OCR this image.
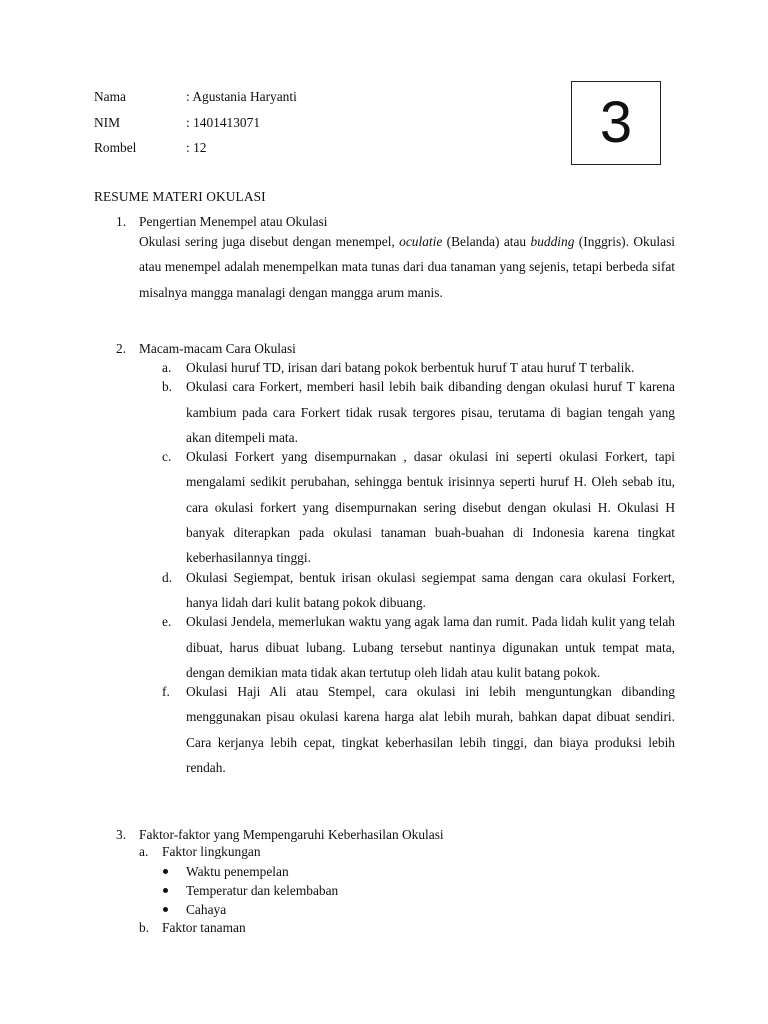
Nama	: Agustania Haryanti
NIM	: 1401413071
Rombel	: 12	3
RESUME MATERI OKULASI
1. Pengertian Menempel atau Okulasi
Okulasi sering juga disebut dengan menempel, oculatie (Belanda) atau budding (Inggris). Okulasi atau menempel adalah menempelkan mata tunas dari dua tanaman yang sejenis, tetapi berbeda sifat misalnya mangga manalagi dengan mangga arum manis.
2. Macam-macam Cara Okulasi
a.	Okulasi huruf TD, irisan dari batang pokok berbentuk huruf T atau huruf T terbalik.
b.	Okulasi cara Forkert, memberi hasil lebih baik dibanding dengan okulasi huruf T karena kambium pada cara Forkert tidak rusak tergores pisau, terutama di bagian tengah yang akan ditempeli mata.
c.	Okulasi Forkert yang disempurnakan , dasar okulasi ini seperti okulasi Forkert, tapi mengalami sedikit perubahan, sehingga bentuk irisinnya seperti huruf H. Oleh sebab itu, cara okulasi forkert yang disempurnakan sering disebut dengan okulasi H. Okulasi H banyak diterapkan pada okulasi tanaman buah-buahan di Indonesia karena tingkat keberhasilannya tinggi.
d.	Okulasi Segiempat, bentuk irisan okulasi segiempat sama dengan cara okulasi Forkert, hanya lidah dari kulit batang pokok dibuang.
e.	Okulasi Jendela, memerlukan waktu yang agak lama dan rumit. Pada lidah kulit yang telah dibuat, harus dibuat lubang. Lubang tersebut nantinya digunakan untuk tempat mata, dengan demikian mata tidak akan tertutup oleh lidah atau kulit batang pokok.
f.	Okulasi Haji Ali atau Stempel, cara okulasi ini lebih menguntungkan dibanding menggunakan pisau okulasi karena harga alat lebih murah, bahkan dapat dibuat sendiri. Cara kerjanya lebih cepat, tingkat keberhasilan lebih tinggi, dan biaya produksi lebih rendah.
3. Faktor-faktor yang Mempengaruhi Keberhasilan Okulasi
a.	Faktor lingkungan
Waktu penempelan
Temperatur dan kelembaban
Cahaya
b. Faktor tanaman
